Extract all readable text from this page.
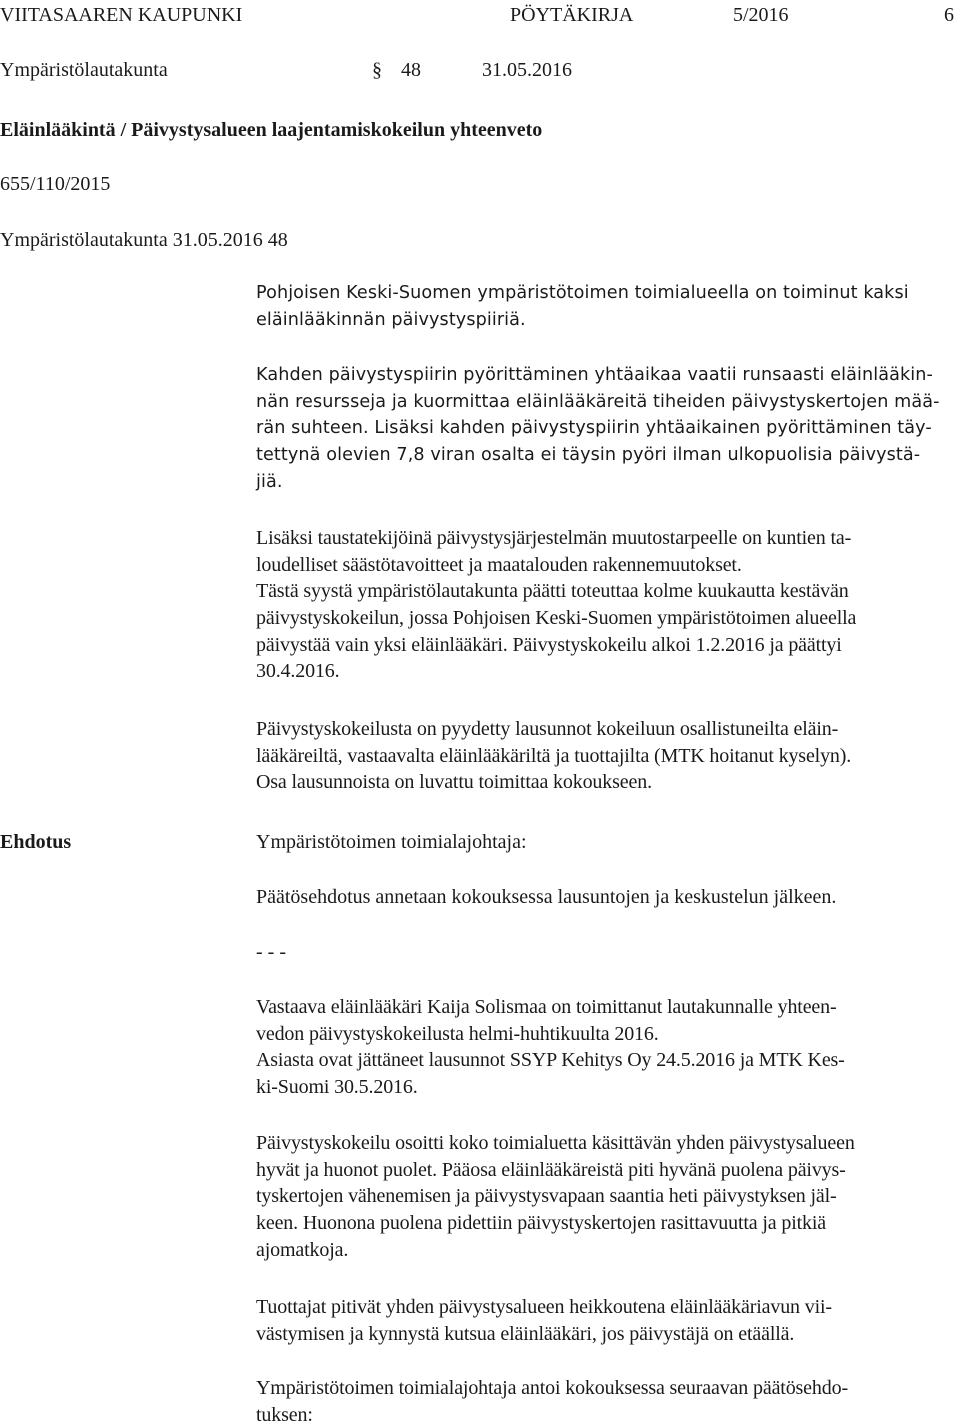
VIITASAAREN KAUPUNKI	PÖYTÄKIRJA	5/2016	6
Ympäristölautakunta	§ 48	31.05.2016
Eläinlääkintä / Päivystysalueen laajentamiskokeilun yhteenveto
655/110/2015
Ympäristölautakunta 31.05.2016 48
Pohjoisen Keski-Suomen ympäristötoimen toimialueella on toiminut kaksi
eläinlääkinnän päivystyspiiriä.
Kahden päivystyspiirin pyörittäminen yhtäaikaa vaatii runsaasti eläinlääkin-
nän resursseja ja kuormittaa eläinlääkäreitä tiheiden päivystyskertojen mää-
rän suhteen. Lisäksi kahden päivystyspiirin yhtäaikainen pyörittäminen täy-
tettynä olevien 7,8 viran osalta ei täysin pyöri ilman ulkopuolisia päivystä-
jiä.
Lisäksi taustatekijöinä päivystysjärjestelmän muutostarpeelle on kuntien ta-
loudelliset säästötavoitteet ja maatalouden rakennemuutokset.
Tästä syystä ympäristölautakunta päätti toteuttaa kolme kuukautta kestävän
päivystyskokeilun, jossa Pohjoisen Keski-Suomen ympäristötoimen alueella
päivystää vain yksi eläinlääkäri. Päivystyskokeilu alkoi 1.2.2016 ja päättyi
30.4.2016.
Päivystyskokeilusta on pyydetty lausunnot kokeiluun osallistuneilta eläin-
lääkäreiltä, vastaavalta eläinlääkäriltä ja tuottajilta (MTK hoitanut kyselyn).
Osa lausunnoista on luvattu toimittaa kokoukseen.
Ehdotus	Ympäristötoimen toimialajohtaja:
Päätösehdotus annetaan kokouksessa lausuntojen ja keskustelun jälkeen.
- - -
Vastaava eläinlääkäri Kaija Solismaa on toimittanut lautakunnalle yhteen-
vedon päivystyskokeilusta helmi-huhtikuulta 2016.
Asiasta ovat jättäneet lausunnot SSYP Kehitys Oy 24.5.2016 ja MTK Kes-
ki-Suomi 30.5.2016.
Päivystyskokeilu osoitti koko toimialuetta käsittävän yhden päivystysalueen
hyvät ja huonot puolet. Pääosa eläinlääkäreistä piti hyvänä puolena päivys-
tyskertojen vähenemisen ja päivystysvapaan saantia heti päivystyksen jäl-
keen. Huonona puolena pidettiin päivystyskertojen rasittavuutta ja pitkiä
ajomatkoja.
Tuottajat pitivät yhden päivystysalueen heikkoutena eläinlääkäriavun vii-
västymisen ja kynnystä kutsua eläinlääkäri, jos päivystäjä on etäällä.
Ympäristötoimen toimialajohtaja antoi kokouksessa seuraavan päätösehdo-
tuksen:
